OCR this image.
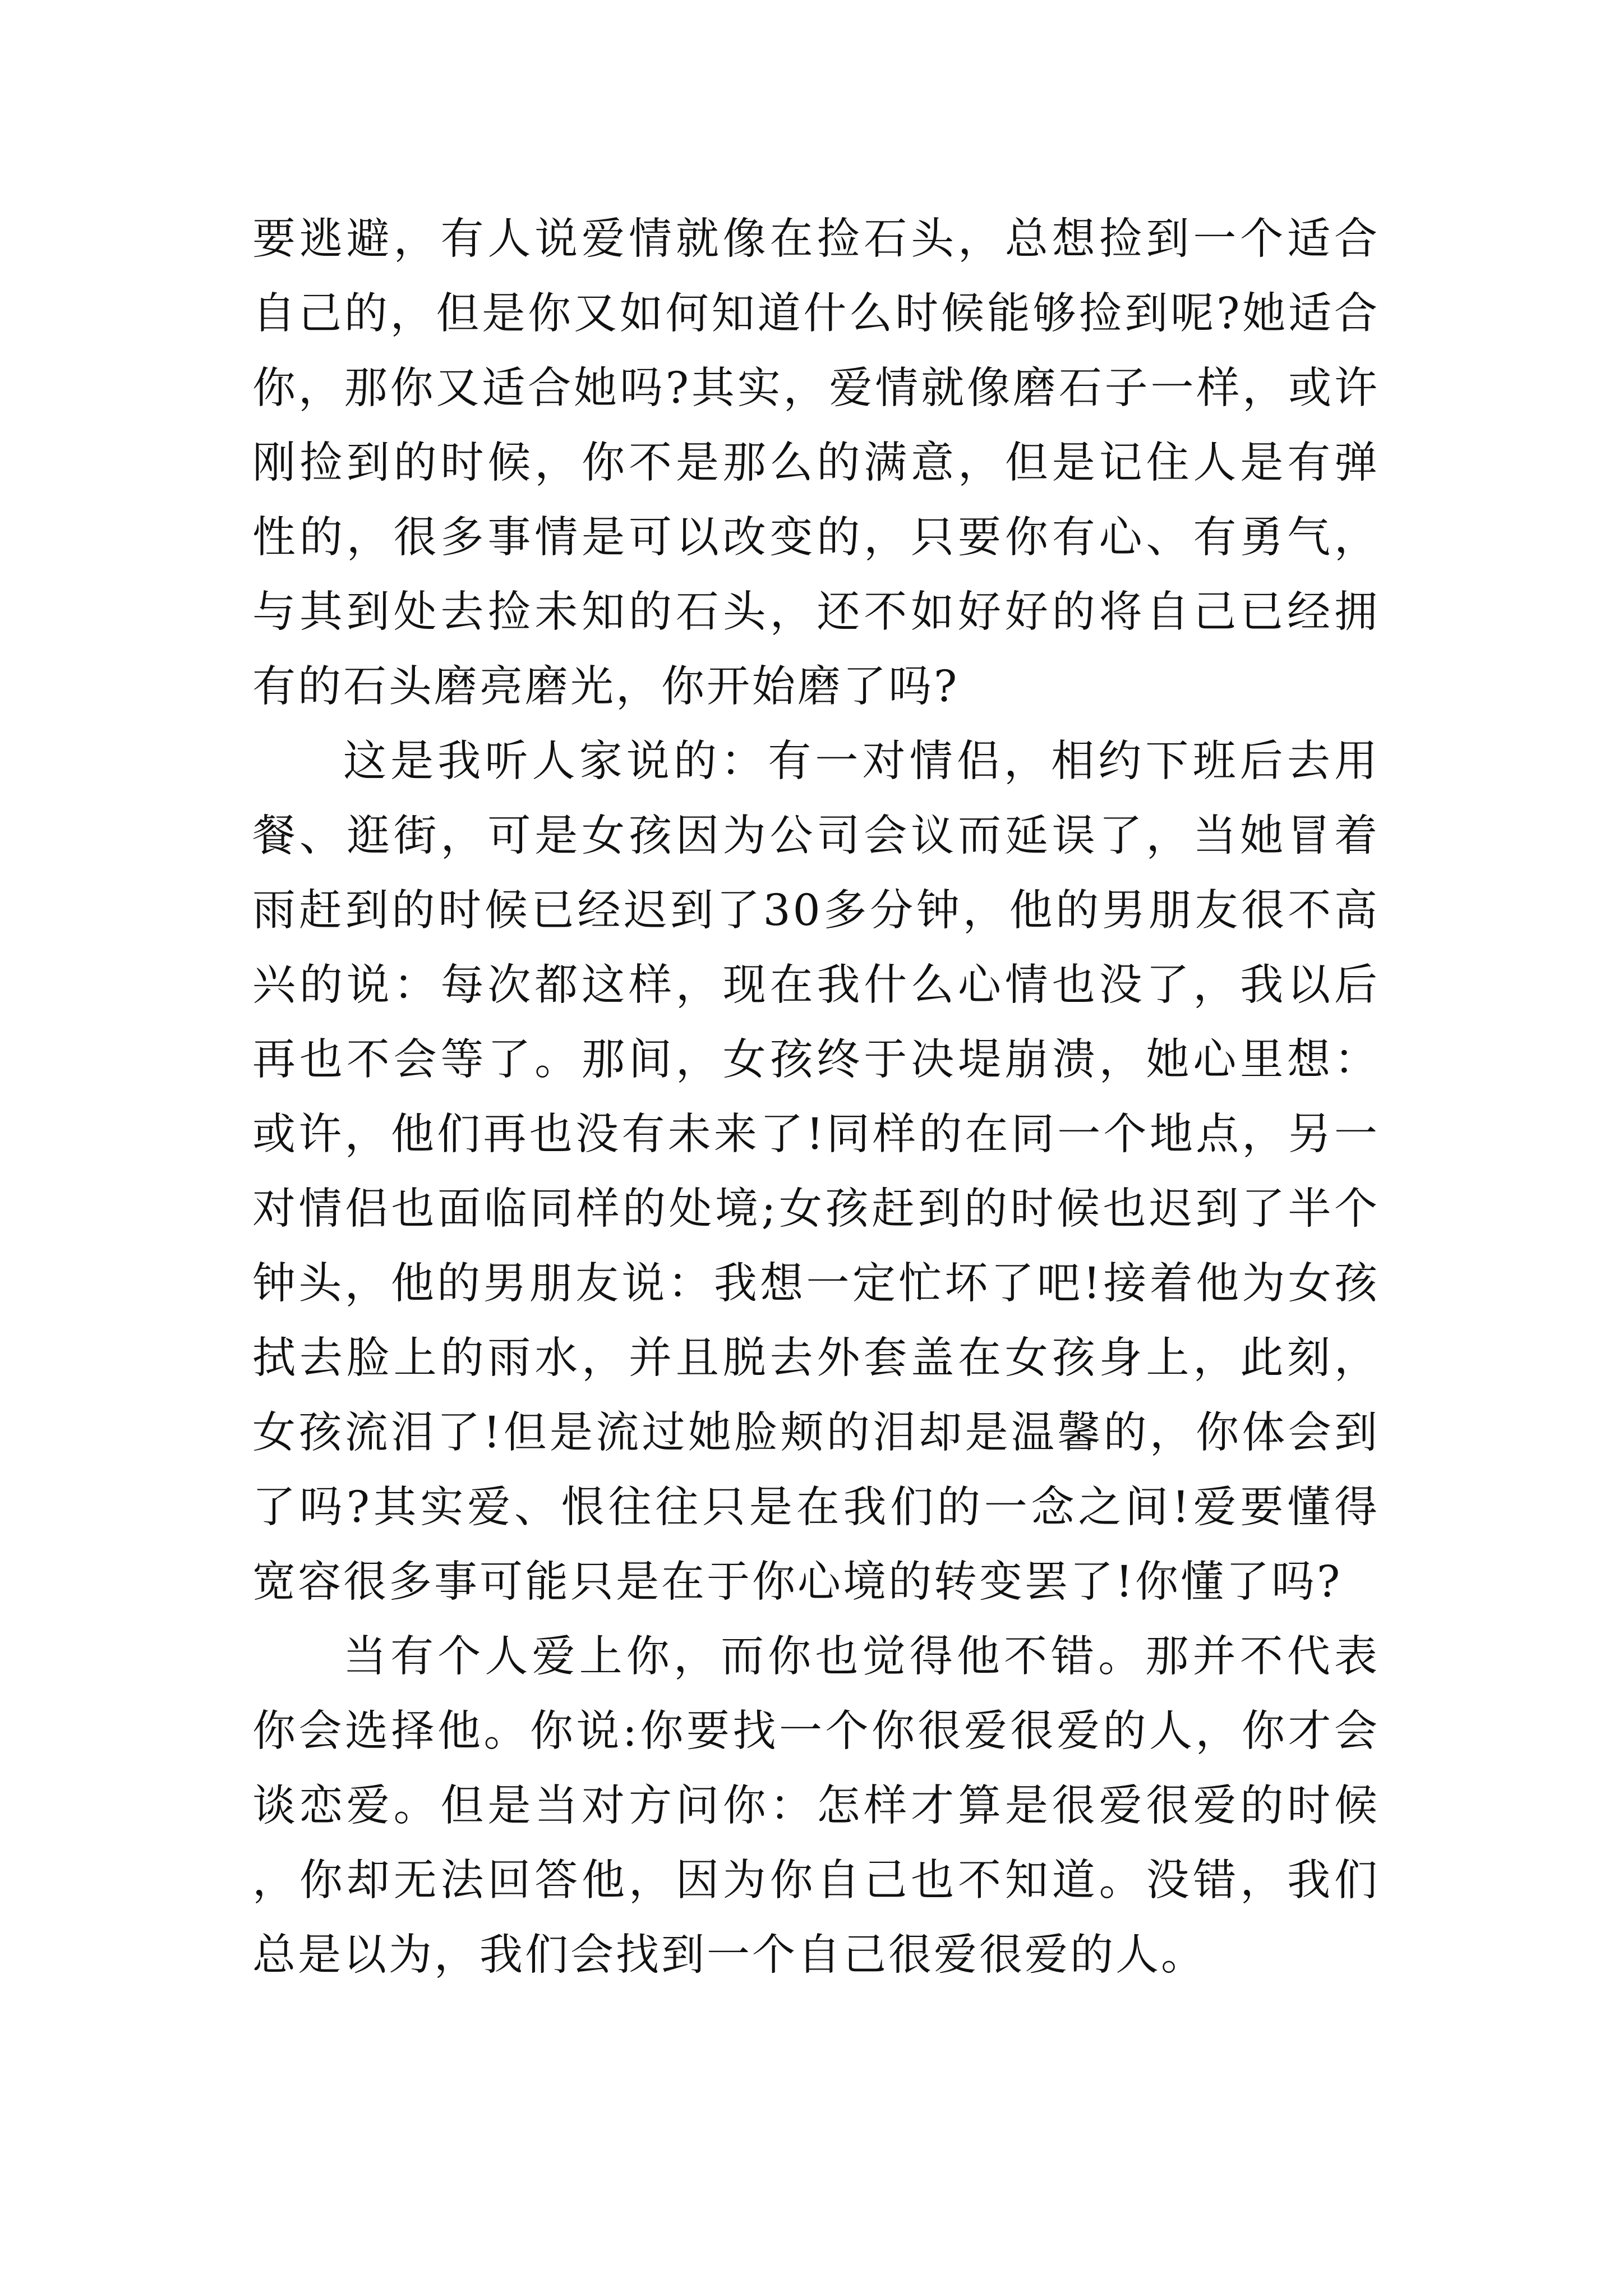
要逃避，有人说爱情就像在捡石头，总想捡到一个适合自己的，但是你又如何知道什么时候能够捡到呢?她适合你，那你又适合她吗?其实，爱情就像磨石子一样，或许刚捡到的时候，你不是那么的满意，但是记住人是有弹性的，很多事情是可以改变的，只要你有心、有勇气，与其到处去捡未知的石头，还不如好好的将自己已经拥有的石头磨亮磨光，你开始磨了吗?

这是我听人家说的：有一对情侣，相约下班后去用餐、逛街，可是女孩因为公司会议而延误了，当她冒着雨赶到的时候已经迟到了30多分钟，他的男朋友很不高兴的说：每次都这样，现在我什么心情也没了，我以后再也不会等了。那间，女孩终于决堤崩溃，她心里想：或许，他们再也没有未来了!同样的在同一个地点，另一对情侣也面临同样的处境;女孩赶到的时候也迟到了半个钟头，他的男朋友说：我想一定忙坏了吧!接着他为女孩拭去脸上的雨水，并且脱去外套盖在女孩身上，此刻，女孩流泪了!但是流过她脸颊的泪却是温馨的，你体会到了吗?其实爱、恨往往只是在我们的一念之间!爱要懂得宽容很多事可能只是在于你心境的转变罢了!你懂了吗?

当有个人爱上你，而你也觉得他不错。那并不代表你会选择他。你说:你要找一个你很爱很爱的人，你才会谈恋爱。但是当对方问你：怎样才算是很爱很爱的时候，你却无法回答他，因为你自己也不知道。没错，我们总是以为，我们会找到一个自己很爱很爱的人。
